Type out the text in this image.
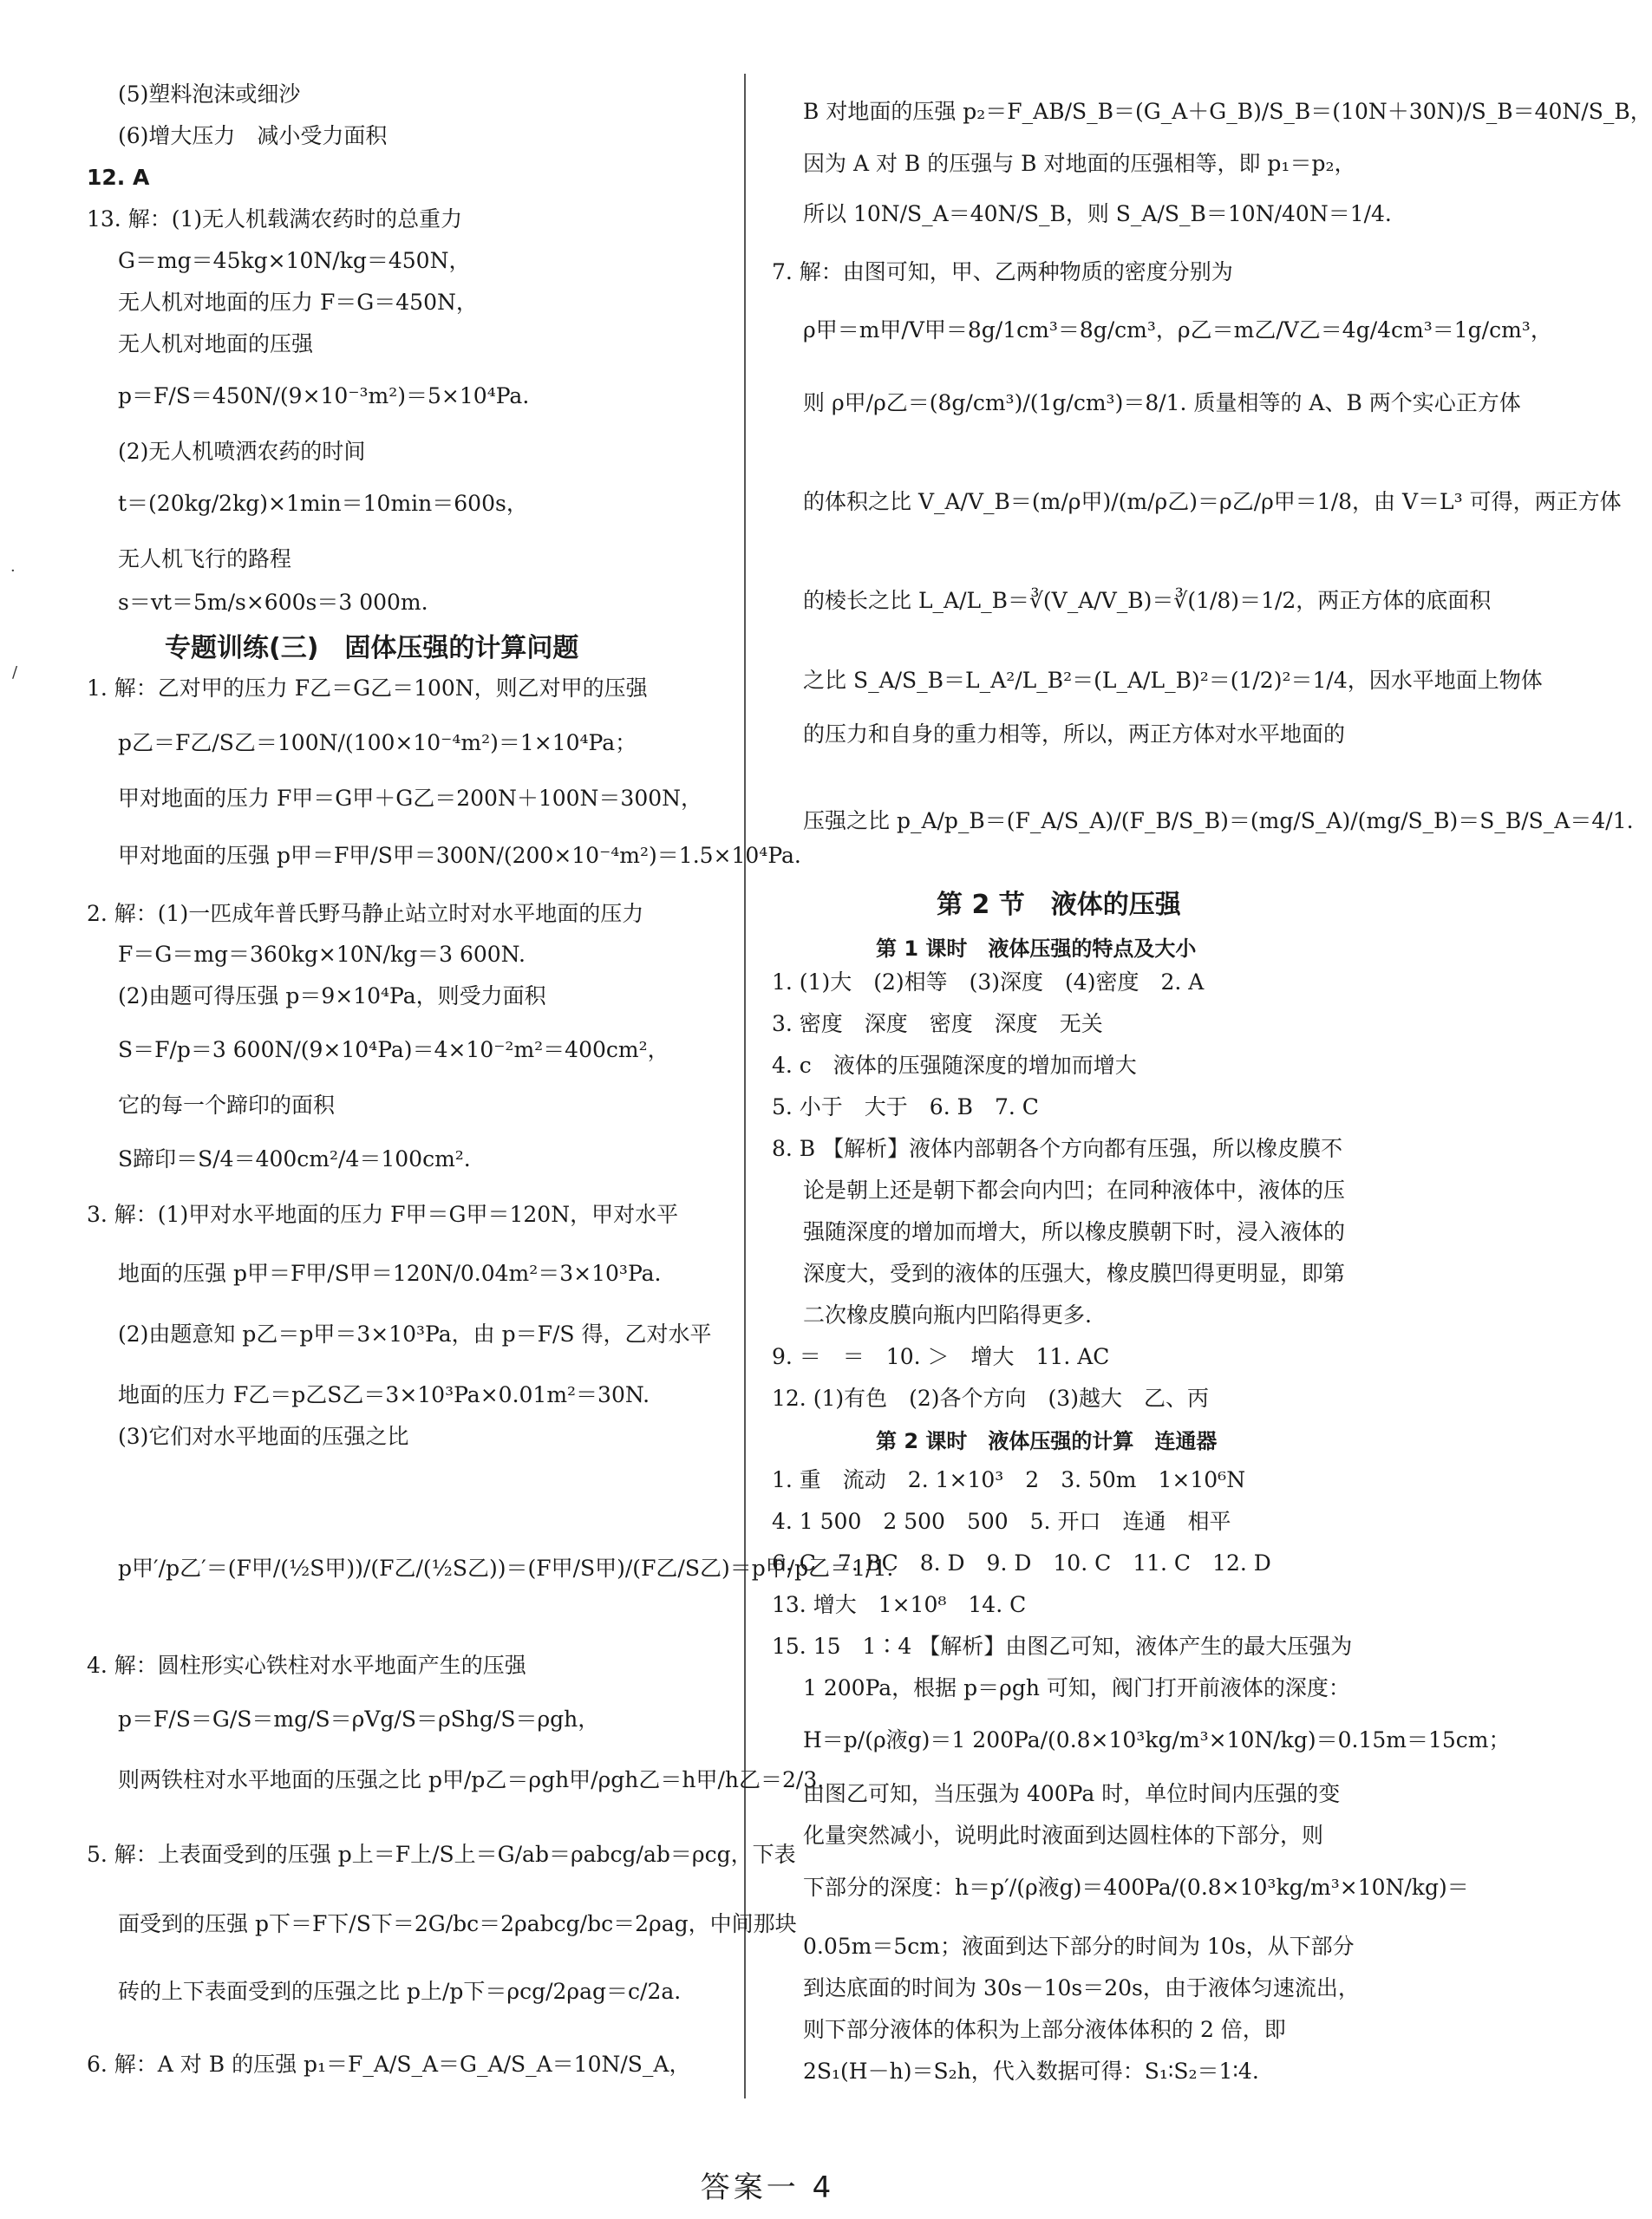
·
/
(5)塑料泡沫或细沙
(6)增大压力　减小受力面积
12. A
13. 解：(1)无人机载满农药时的总重力
G＝mg＝45kg×10N/kg＝450N，
无人机对地面的压力 F＝G＝450N，
无人机对地面的压强
p＝F/S＝450N/(9×10⁻³m²)＝5×10⁴Pa.
(2)无人机喷洒农药的时间
t＝(20kg/2kg)×1min＝10min＝600s，
无人机飞行的路程
s＝vt＝5m/s×600s＝3 000m.
专题训练(三)　固体压强的计算问题
1. 解：乙对甲的压力 F乙＝G乙＝100N，则乙对甲的压强
p乙＝F乙/S乙＝100N/(100×10⁻⁴m²)＝1×10⁴Pa；
甲对地面的压力 F甲＝G甲＋G乙＝200N＋100N＝300N，
甲对地面的压强 p甲＝F甲/S甲＝300N/(200×10⁻⁴m²)＝1.5×10⁴Pa.
2. 解：(1)一匹成年普氏野马静止站立时对水平地面的压力
F＝G＝mg＝360kg×10N/kg＝3 600N.
(2)由题可得压强 p＝9×10⁴Pa，则受力面积
S＝F/p＝3 600N/(9×10⁴Pa)＝4×10⁻²m²＝400cm²，
它的每一个蹄印的面积
S蹄印＝S/4＝400cm²/4＝100cm².
3. 解：(1)甲对水平地面的压力 F甲＝G甲＝120N，甲对水平
地面的压强 p甲＝F甲/S甲＝120N/0.04m²＝3×10³Pa.
(2)由题意知 p乙＝p甲＝3×10³Pa，由 p＝F/S 得，乙对水平
地面的压力 F乙＝p乙S乙＝3×10³Pa×0.01m²＝30N.
(3)它们对水平地面的压强之比
p甲′/p乙′＝(F甲/(½S甲))/(F乙/(½S乙))＝(F甲/S甲)/(F乙/S乙)＝p甲/p乙＝1/1.
4. 解：圆柱形实心铁柱对水平地面产生的压强
p＝F/S＝G/S＝mg/S＝ρVg/S＝ρShg/S＝ρgh，
则两铁柱对水平地面的压强之比 p甲/p乙＝ρgh甲/ρgh乙＝h甲/h乙＝2/3.
5. 解：上表面受到的压强 p上＝F上/S上＝G/ab＝ρabcg/ab＝ρcg，下表
面受到的压强 p下＝F下/S下＝2G/bc＝2ρabcg/bc＝2ρag，中间那块
砖的上下表面受到的压强之比 p上/p下＝ρcg/2ρag＝c/2a.
6. 解：A 对 B 的压强 p₁＝F_A/S_A＝G_A/S_A＝10N/S_A，
B 对地面的压强 p₂＝F_AB/S_B＝(G_A＋G_B)/S_B＝(10N＋30N)/S_B＝40N/S_B，
因为 A 对 B 的压强与 B 对地面的压强相等，即 p₁＝p₂，
所以 10N/S_A＝40N/S_B，则 S_A/S_B＝10N/40N＝1/4.
7. 解：由图可知，甲、乙两种物质的密度分别为
ρ甲＝m甲/V甲＝8g/1cm³＝8g/cm³，ρ乙＝m乙/V乙＝4g/4cm³＝1g/cm³，
则 ρ甲/ρ乙＝(8g/cm³)/(1g/cm³)＝8/1. 质量相等的 A、B 两个实心正方体
的体积之比 V_A/V_B＝(m/ρ甲)/(m/ρ乙)＝ρ乙/ρ甲＝1/8，由 V＝L³ 可得，两正方体
的棱长之比 L_A/L_B＝∛(V_A/V_B)＝∛(1/8)＝1/2，两正方体的底面积
之比 S_A/S_B＝L_A²/L_B²＝(L_A/L_B)²＝(1/2)²＝1/4，因水平地面上物体
的压力和自身的重力相等，所以，两正方体对水平地面的
压强之比 p_A/p_B＝(F_A/S_A)/(F_B/S_B)＝(mg/S_A)/(mg/S_B)＝S_B/S_A＝4/1.
第 2 节　液体的压强
第 1 课时　液体压强的特点及大小
1. (1)大　(2)相等　(3)深度　(4)密度　2. A
3. 密度　深度　密度　深度　无关
4. c　液体的压强随深度的增加而增大
5. 小于　大于　6. B　7. C
8. B 【解析】液体内部朝各个方向都有压强，所以橡皮膜不
论是朝上还是朝下都会向内凹；在同种液体中，液体的压
强随深度的增加而增大，所以橡皮膜朝下时，浸入液体的
深度大，受到的液体的压强大，橡皮膜凹得更明显，即第
二次橡皮膜向瓶内凹陷得更多.
9. ＝　＝　10. ＞　增大　11. AC
12. (1)有色　(2)各个方向　(3)越大　乙、丙
第 2 课时　液体压强的计算　连通器
1. 重　流动　2. 1×10³　2　3. 50m　1×10⁶N
4. 1 500　2 500　500　5. 开口　连通　相平
6. C　7. BC　8. D　9. D　10. C　11. C　12. D
13. 增大　1×10⁸　14. C
15. 15　1∶4 【解析】由图乙可知，液体产生的最大压强为
1 200Pa，根据 p＝ρgh 可知，阀门打开前液体的深度：
H＝p/(ρ液g)＝1 200Pa/(0.8×10³kg/m³×10N/kg)＝0.15m＝15cm；
由图乙可知，当压强为 400Pa 时，单位时间内压强的变
化量突然减小，说明此时液面到达圆柱体的下部分，则
下部分的深度：h＝p′/(ρ液g)＝400Pa/(0.8×10³kg/m³×10N/kg)＝
0.05m＝5cm；液面到达下部分的时间为 10s，从下部分
到达底面的时间为 30s－10s＝20s，由于液体匀速流出，
则下部分液体的体积为上部分液体体积的 2 倍，即
2S₁(H－h)＝S₂h，代入数据可得：S₁∶S₂＝1∶4.
答案一 4
